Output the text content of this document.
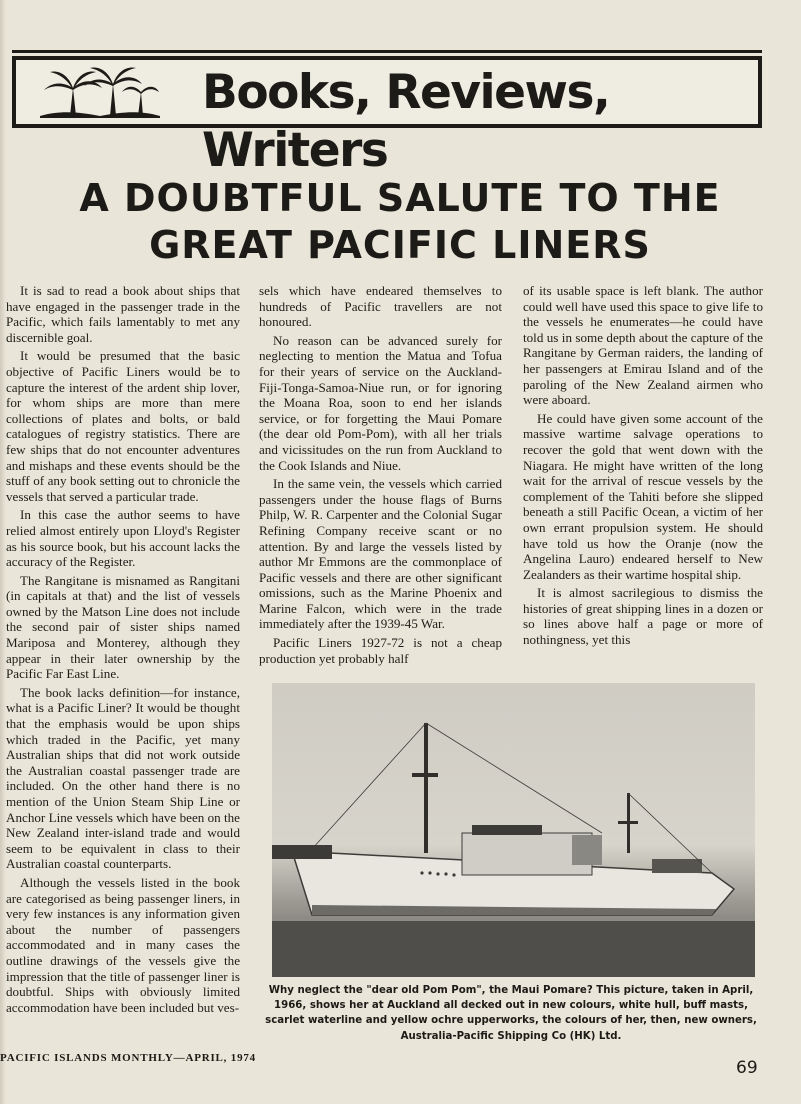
Books, Reviews, Writers
A DOUBTFUL SALUTE TO THE
GREAT PACIFIC LINERS

It is sad to read a book about ships that have engaged in the passenger trade in the Pacific, which fails lamentably to met any discernible goal.

It would be presumed that the basic objective of Pacific Liners would be to capture the interest of the ardent ship lover, for whom ships are more than mere collections of plates and bolts, or bald catalogues of registry statistics. There are few ships that do not encounter adventures and mishaps and these events should be the stuff of any book setting out to chronicle the vessels that served a particular trade.

In this case the author seems to have relied almost entirely upon Lloyd's Register as his source book, but his account lacks the accuracy of the Register.

The Rangitane is misnamed as Rangitani (in capitals at that) and the list of vessels owned by the Matson Line does not include the second pair of sister ships named Mariposa and Monterey, although they appear in their later ownership by the Pacific Far East Line.

The book lacks definition—for instance, what is a Pacific Liner? It would be thought that the emphasis would be upon ships which traded in the Pacific, yet many Australian ships that did not work outside the Australian coastal passenger trade are included. On the other hand there is no mention of the Union Steam Ship Line or Anchor Line vessels which have been on the New Zealand inter-island trade and would seem to be equivalent in class to their Australian coastal counterparts.

Although the vessels listed in the book are categorised as being passenger liners, in very few instances is any information given about the number of passengers accommodated and in many cases the outline drawings of the vessels give the impression that the title of passenger liner is doubtful. Ships with obviously limited accommodation have been included but ves-

sels which have endeared themselves to hundreds of Pacific travellers are not honoured.

No reason can be advanced surely for neglecting to mention the Matua and Tofua for their years of service on the Auckland-Fiji-Tonga-Samoa-Niue run, or for ignoring the Moana Roa, soon to end her islands service, or for forgetting the Maui Pomare (the dear old Pom-Pom), with all her trials and vicissitudes on the run from Auckland to the Cook Islands and Niue.

In the same vein, the vessels which carried passengers under the house flags of Burns Philp, W. R. Carpenter and the Colonial Sugar Refining Company receive scant or no attention. By and large the vessels listed by author Mr Emmons are the commonplace of Pacific vessels and there are other significant omissions, such as the Marine Phoenix and Marine Falcon, which were in the trade immediately after the 1939-45 War.

Pacific Liners 1927-72 is not a cheap production yet probably half

of its usable space is left blank. The author could well have used this space to give life to the vessels he enumerates—he could have told us in some depth about the capture of the Rangitane by German raiders, the landing of her passengers at Emirau Island and of the paroling of the New Zealand airmen who were aboard.

He could have given some account of the massive wartime salvage operations to recover the gold that went down with the Niagara. He might have written of the long wait for the arrival of rescue vessels by the complement of the Tahiti before she slipped beneath a still Pacific Ocean, a victim of her own errant propulsion system. He should have told us how the Oranje (now the Angelina Lauro) endeared herself to New Zealanders as their wartime hospital ship.

It is almost sacrilegious to dismiss the histories of great shipping lines in a dozen or so lines above half a page or more of nothingness, yet this

Why neglect the "dear old Pom Pom", the Maui Pomare? This picture, taken in April, 1966, shows her at Auckland all decked out in new colours, white hull, buff masts, scarlet waterline and yellow ochre upperworks, the colours of her, then, new owners, Australia-Pacific Shipping Co (HK) Ltd.
PACIFIC ISLANDS MONTHLY—APRIL, 1974	69
